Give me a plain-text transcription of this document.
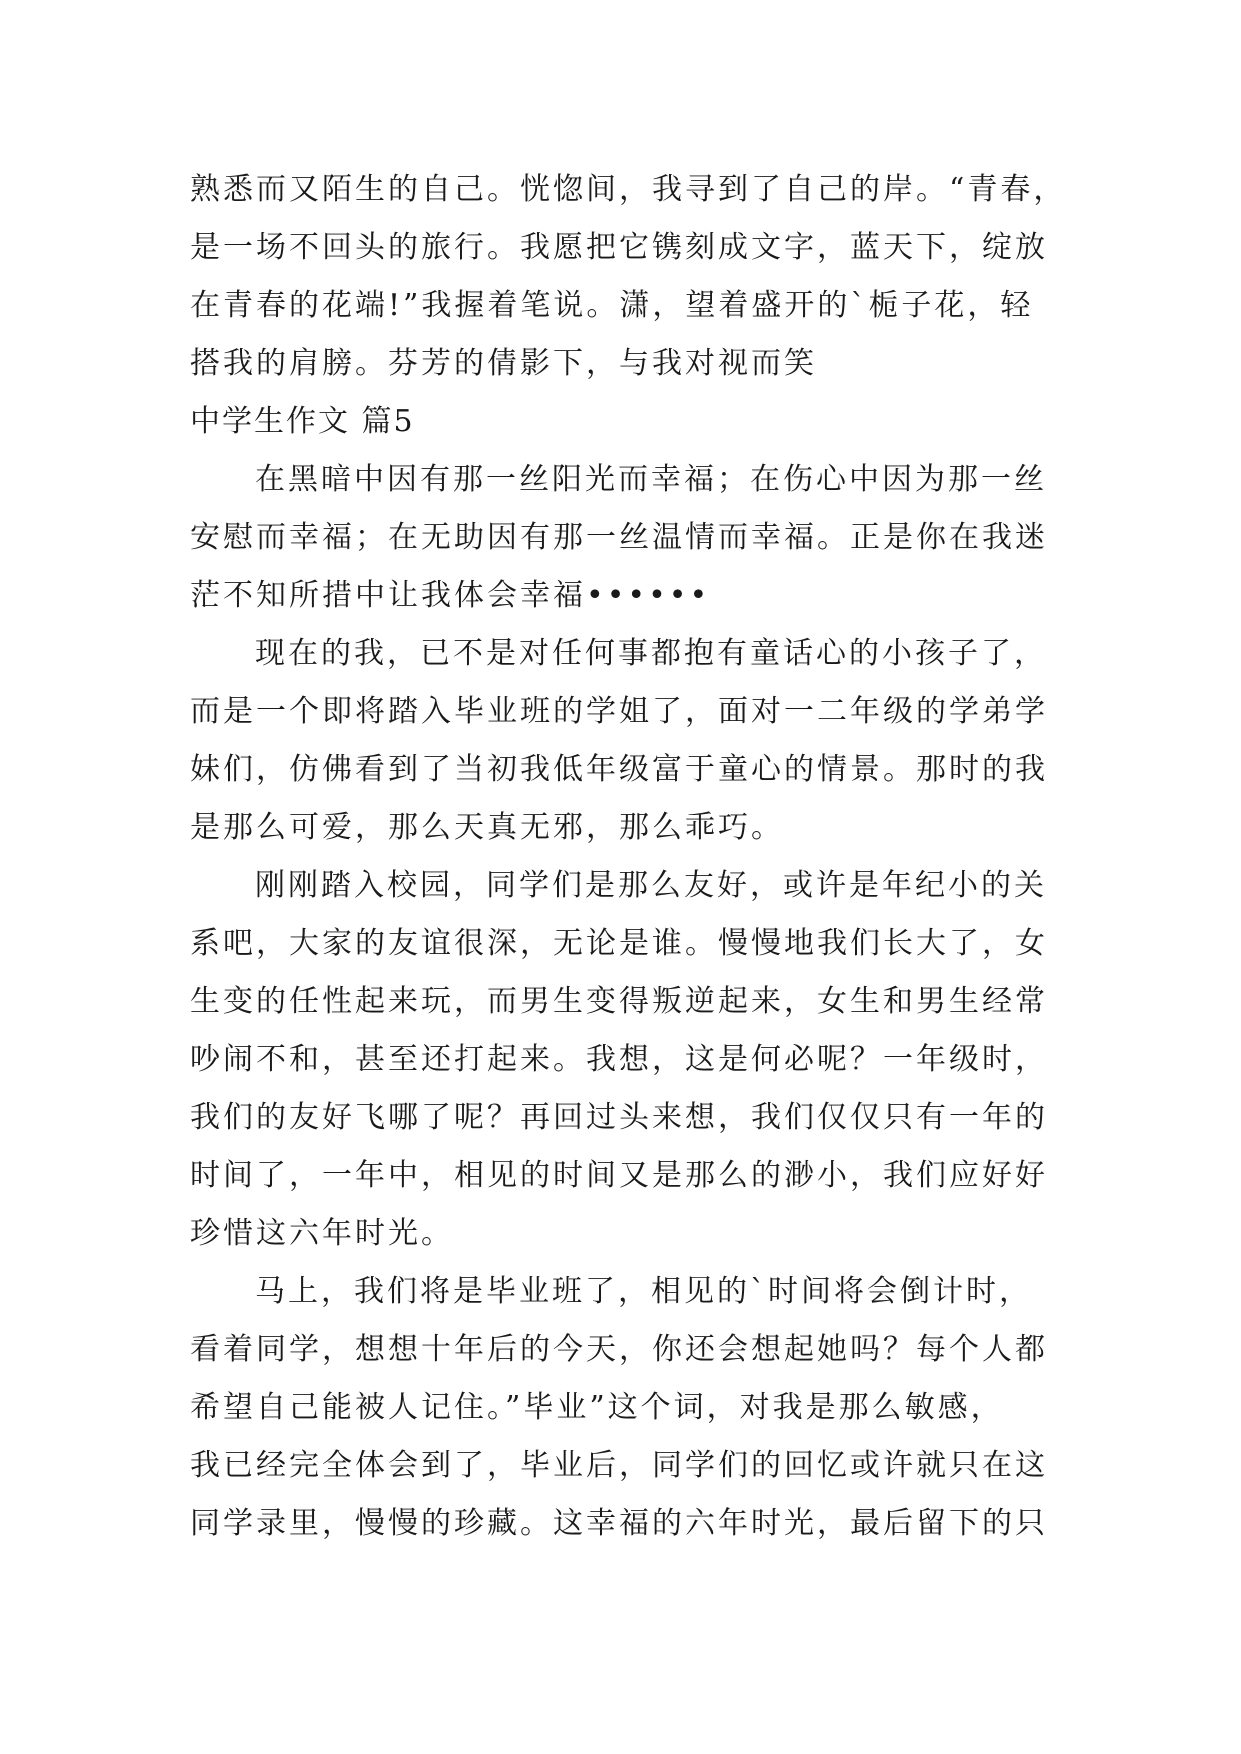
熟悉而又陌生的自己。恍惚间，我寻到了自己的岸。“青春，
是一场不回头的旅行。我愿把它镌刻成文字，蓝天下，绽放
在青春的花端!”我握着笔说。潇，望着盛开的`栀子花，轻
搭我的肩膀。芬芳的倩影下，与我对视而笑
中学生作文 篇5
在黑暗中因有那一丝阳光而幸福；在伤心中因为那一丝
安慰而幸福；在无助因有那一丝温情而幸福。正是你在我迷
茫不知所措中让我体会幸福••••••
现在的我，已不是对任何事都抱有童话心的小孩子了，
而是一个即将踏入毕业班的学姐了，面对一二年级的学弟学
妹们，仿佛看到了当初我低年级富于童心的情景。那时的我
是那么可爱，那么天真无邪，那么乖巧。
刚刚踏入校园，同学们是那么友好，或许是年纪小的关
系吧，大家的友谊很深，无论是谁。慢慢地我们长大了，女
生变的任性起来玩，而男生变得叛逆起来，女生和男生经常
吵闹不和，甚至还打起来。我想，这是何必呢？一年级时，
我们的友好飞哪了呢？再回过头来想，我们仅仅只有一年的
时间了，一年中，相见的时间又是那么的渺小，我们应好好
珍惜这六年时光。
马上，我们将是毕业班了，相见的`时间将会倒计时，
看着同学，想想十年后的今天，你还会想起她吗？每个人都
希望自己能被人记住。”毕业”这个词，对我是那么敏感，
我已经完全体会到了，毕业后，同学们的回忆或许就只在这
同学录里，慢慢的珍藏。这幸福的六年时光，最后留下的只
